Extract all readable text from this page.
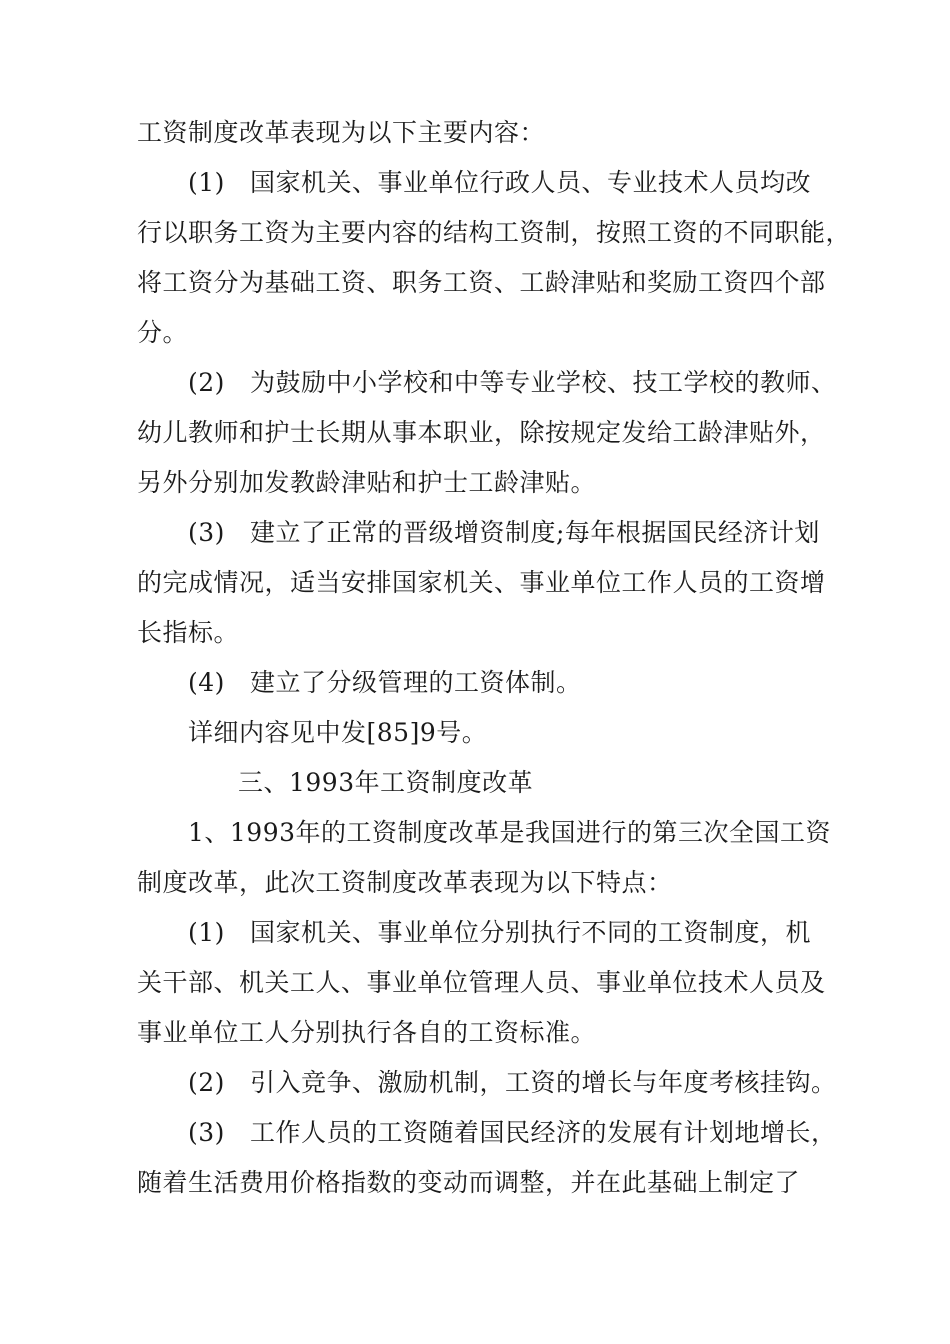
工资制度改革表现为以下主要内容：
(1) 国家机关、事业单位行政人员、专业技术人员均改
行以职务工资为主要内容的结构工资制，按照工资的不同职能，
将工资分为基础工资、职务工资、工龄津贴和奖励工资四个部
分。
(2) 为鼓励中小学校和中等专业学校、技工学校的教师、
幼儿教师和护士长期从事本职业，除按规定发给工龄津贴外，
另外分别加发教龄津贴和护士工龄津贴。
(3) 建立了正常的晋级增资制度;每年根据国民经济计划
的完成情况，适当安排国家机关、事业单位工作人员的工资增
长指标。
(4) 建立了分级管理的工资体制。
详细内容见中发[85]9号。
三、1993年工资制度改革
1、1993年的工资制度改革是我国进行的第三次全国工资
制度改革，此次工资制度改革表现为以下特点：
(1) 国家机关、事业单位分别执行不同的工资制度，机
关干部、机关工人、事业单位管理人员、事业单位技术人员及
事业单位工人分别执行各自的工资标准。
(2) 引入竞争、激励机制，工资的增长与年度考核挂钩。
(3) 工作人员的工资随着国民经济的发展有计划地增长，
随着生活费用价格指数的变动而调整，并在此基础上制定了
